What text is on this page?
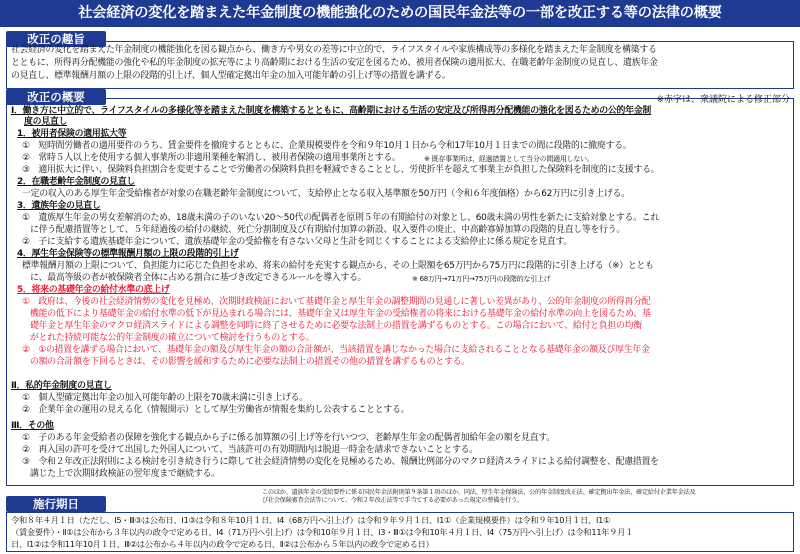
社会経済の変化を踏まえた年金制度の機能強化のための国民年金法等の一部を改正する等の法律の概要
改正の趣旨
社会経済の変化を踏まえた年金制度の機能強化を図る観点から、働き方や男女の差等に中立的で、ライフスタイルや家族構成等の多様化を踏まえた年金制度を構築する
とともに、所得再分配機能の強化や私的年金制度の拡充等により高齢期における生活の安定を図るため、被用者保険の適用拡大、在職老齢年金制度の見直し、遺族年金
の見直し、標準報酬月額の上限の段階的引上げ、個人型確定拠出年金の加入可能年齢の引上げ等の措置を講ずる。
改正の概要	※赤字は、衆議院による修正部分
Ⅰ．働き方に中立的で、ライフスタイルの多様化等を踏まえた制度を構築するとともに、高齢期における生活の安定及び所得再分配機能の強化を図るための公的年金制
度の見直し
1．被用者保険の適用拡大等
①　短時間労働者の適用要件のうち、賃金要件を撤廃するとともに、企業規模要件を令和９年10月１日から令和17年10月１日までの間に段階的に撤廃する。
②　常時５人以上を使用する個人事業所の非適用業種を解消し、被用者保険の適用事業所とする。	※ 既存事業所は、経過措置として当分の間適用しない。
③　適用拡大に伴い、保険料負担割合を変更することで労働者の保険料負担を軽減できることとし、労使折半を超えて事業主が負担した保険料を制度的に支援する。
2．在職老齢年金制度の見直し
一定の収入のある厚生年金受給権者が対象の在職老齢年金制度について、支給停止となる収入基準額を50万円（令和６年度価格）から62万円に引き上げる。
3．遺族年金の見直し
①　遺族厚生年金の男女差解消のため、18歳未満の子のいない20～50代の配偶者を原則５年の有期給付の対象とし、60歳未満の男性を新たに支給対象とする。これ
に伴う配慮措置等として、５年経過後の給付の継続、死亡分割制度及び有期給付加算の新設、収入要件の廃止、中高齢寡婦加算の段階的見直し等を行う。
②　子に支給する遺族基礎年金について、遺族基礎年金の受給権を有さない父母と生計を同じくすることによる支給停止に係る規定を見直す。
4．厚生年金保険等の標準報酬月額の上限の段階的引上げ
標準報酬月額の上限について、負担能力に応じた負担を求め、将来の給付を充実する観点から、その上限額を65万円から75万円に段階的に引き上げる（※）ととも
に、最高等級の者が被保険者全体に占める割合に基づき改定できるルールを導入する。	※ 68万円→71万円→75万円の段階的な引上げ
5．将来の基礎年金の給付水準の底上げ
①　政府は、今後の社会経済情勢の変化を見極め、次期財政検証において基礎年金と厚生年金の調整期間の見通しに著しい差異があり、公的年金制度の所得再分配
機能の低下により基礎年金の給付水準の低下が見込まれる場合には、基礎年金又は厚生年金の受給権者の将来における基礎年金の給付水準の向上を図るため、基
礎年金と厚生年金のマクロ経済スライドによる調整を同時に終了させるために必要な法制上の措置を講ずるものとする。この場合において、給付と負担の均衡
がとれた持続可能な公的年金制度の確立について検討を行うものとする。
②　①の措置を講ずる場合において、基礎年金の額及び厚生年金の額の合計額が、当該措置を講じなかった場合に支給されることとなる基礎年金の額及び厚生年金
の額の合計額を下回るときは、その影響を緩和するために必要な法制上の措置その他の措置を講ずるものとする。
Ⅱ．私的年金制度の見直し
①　個人型確定拠出年金の加入可能年齢の上限を70歳未満に引き上げる。
②　企業年金の運用の見える化（情報開示）として厚生労働省が情報を集約し公表することとする。
Ⅲ．その他
①　子のある年金受給者の保障を強化する観点から子に係る加算額の引上げ等を行いつつ、老齢厚生年金の配偶者加給年金の額を見直す。
②　再入国の許可を受けて出国した外国人について、当該許可の有効期間内は脱退一時金を請求できないこととする。
③　令和２年改正法附則による検討を引き続き行うに際して社会経済情勢の変化を見極めるため、報酬比例部分のマクロ経済スライドによる給付調整を、配慮措置を
講じた上で次期財政検証の翌年度まで継続する。
このほか、遺族年金の受給要件に係る国民年金法附則第９条第１項のほか、同法、厚生年金保険法、公的年金制度改正法、確定拠出年金法、確定給付企業年金法及
び社会保険審査会法等について、令和２年改正法等で手当てする必要があった規定の整備を行う。
施行期日
令和８年４月１日（ただし、Ⅰ5・Ⅲ③は公布日、Ⅰ1③は令和８年10月１日、Ⅰ4（68万円へ引上げ）は令和９年９月１日、Ⅰ1①（企業規模要件）は令和９年10月１日、Ⅰ1①
（賃金要件）・Ⅱ①は公布から３年以内の政令で定める日、Ⅰ4（71万円へ引上げ）は令和10年９月１日、Ⅰ3・Ⅲ①は令和10年４月１日、Ⅰ4（75万円へ引上げ）は令和11年９月１
日、Ⅰ1②は令和11年10月１日、Ⅲ②は公布から４年以内の政令で定める日、Ⅱ②は公布から５年以内の政令で定める日）
